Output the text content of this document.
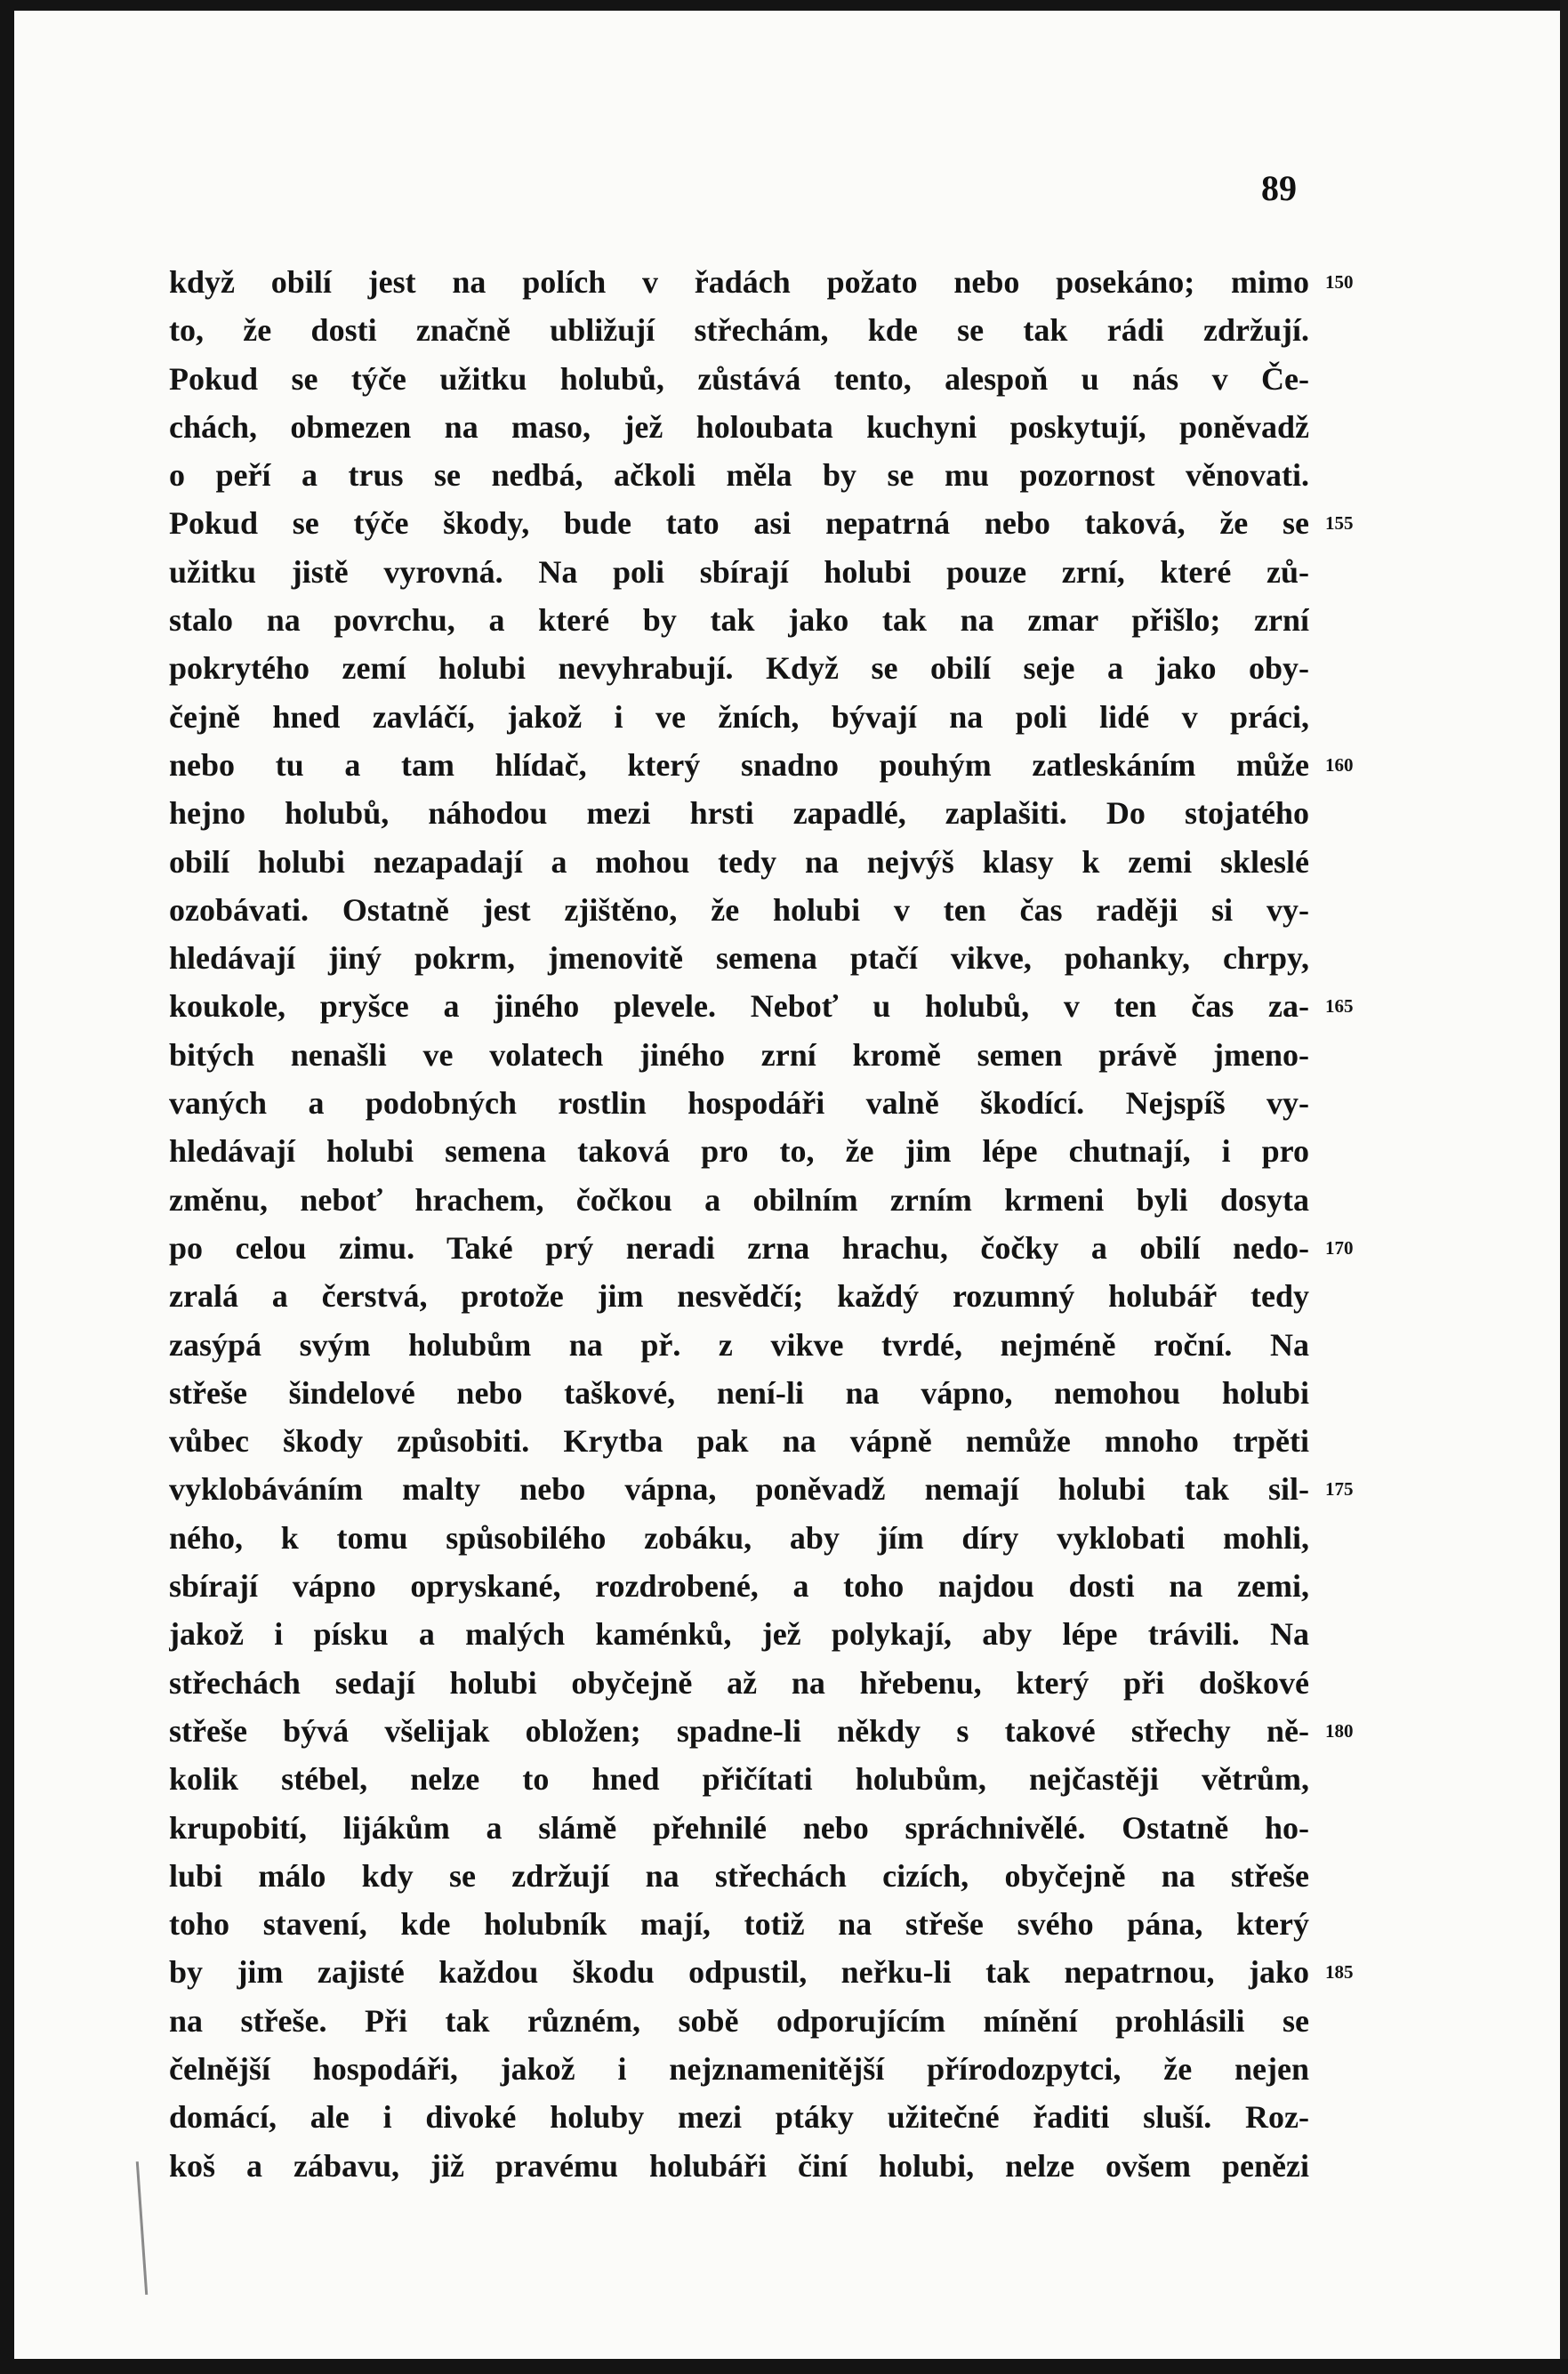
89
když obilí jest na polích v řadách požato nebo posekáno; mimo 150
to, že dosti značně ubližují střechám, kde se tak rádi zdržují.
Pokud se týče užitku holubů, zůstává tento, alespoň u nás v Če-
chách, obmezen na maso, jež holoubata kuchyni poskytují, poněvadž
o peří a trus se nedbá, ačkoli měla by se mu pozornost věnovati.
Pokud se týče škody, bude tato asi nepatrná nebo taková, že se 155
užitku jistě vyrovná. Na poli sbírají holubi pouze zrní, které zů-
stalo na povrchu, a které by tak jako tak na zmar přišlo; zrní
pokrytého zemí holubi nevyhrabují. Když se obilí seje a jako oby-
čejně hned zavláčí, jakož i ve žních, bývají na poli lidé v práci,
nebo tu a tam hlídač, který snadno pouhým zatleskáním může 160
hejno holubů, náhodou mezi hrsti zapadlé, zaplašiti. Do stojatého
obilí holubi nezapadají a mohou tedy na nejvýš klasy k zemi skleslé
ozobávati. Ostatně jest zjištěno, že holubi v ten čas raději si vy-
hledávají jiný pokrm, jmenovitě semena ptačí vikve, pohanky, chrpy,
koukole, pryšce a jiného plevele. Neboť u holubů, v ten čas za- 165
bitých nenašli ve volatech jiného zrní kromě semen právě jmeno-
vaných a podobných rostlin hospodáři valně škodící. Nejspíš vy-
hledávají holubi semena taková pro to, že jim lépe chutnají, i pro
změnu, neboť hrachem, čočkou a obilním zrním krmeni byli dosyta
po celou zimu. Také prý neradi zrna hrachu, čočky a obilí nedo- 170
zralá a čerstvá, protože jim nesvědčí; každý rozumný holubář tedy
zasýpá svým holubům na př. z vikve tvrdé, nejméně roční. Na
střeše šindelové nebo taškové, není-li na vápno, nemohou holubi
vůbec škody způsobiti. Krytba pak na vápně nemůže mnoho trpěti
vyklobáváním malty nebo vápna, poněvadž nemají holubi tak sil- 175
ného, k tomu spůsobilého zobáku, aby jím díry vyklobati mohli,
sbírají vápno opryskané, rozdrobené, a toho najdou dosti na zemi,
jakož i písku a malých kaménků, jež polykají, aby lépe trávili. Na
střechách sedají holubi obyčejně až na hřebenu, který při doškové
střeše bývá všelijak obložen; spadne-li někdy s takové střechy ně- 180
kolik stébel, nelze to hned přičítati holubům, nejčastěji větrům,
krupobití, lijákům a slámě přehnilé nebo spráchnivělé. Ostatně ho-
lubi málo kdy se zdržují na střechách cizích, obyčejně na střeše
toho stavení, kde holubník mají, totiž na střeše svého pána, který
by jim zajisté každou škodu odpustil, neřku-li tak nepatrnou, jako 185
na střeše. Při tak různém, sobě odporujícím mínění prohlásili se
čelnější hospodáři, jakož i nejznamenitější přírodozpytci, že nejen
domácí, ale i divoké holuby mezi ptáky užitečné řaditi sluší. Roz-
koš a zábavu, již pravému holubáři činí holubi, nelze ovšem penězi
